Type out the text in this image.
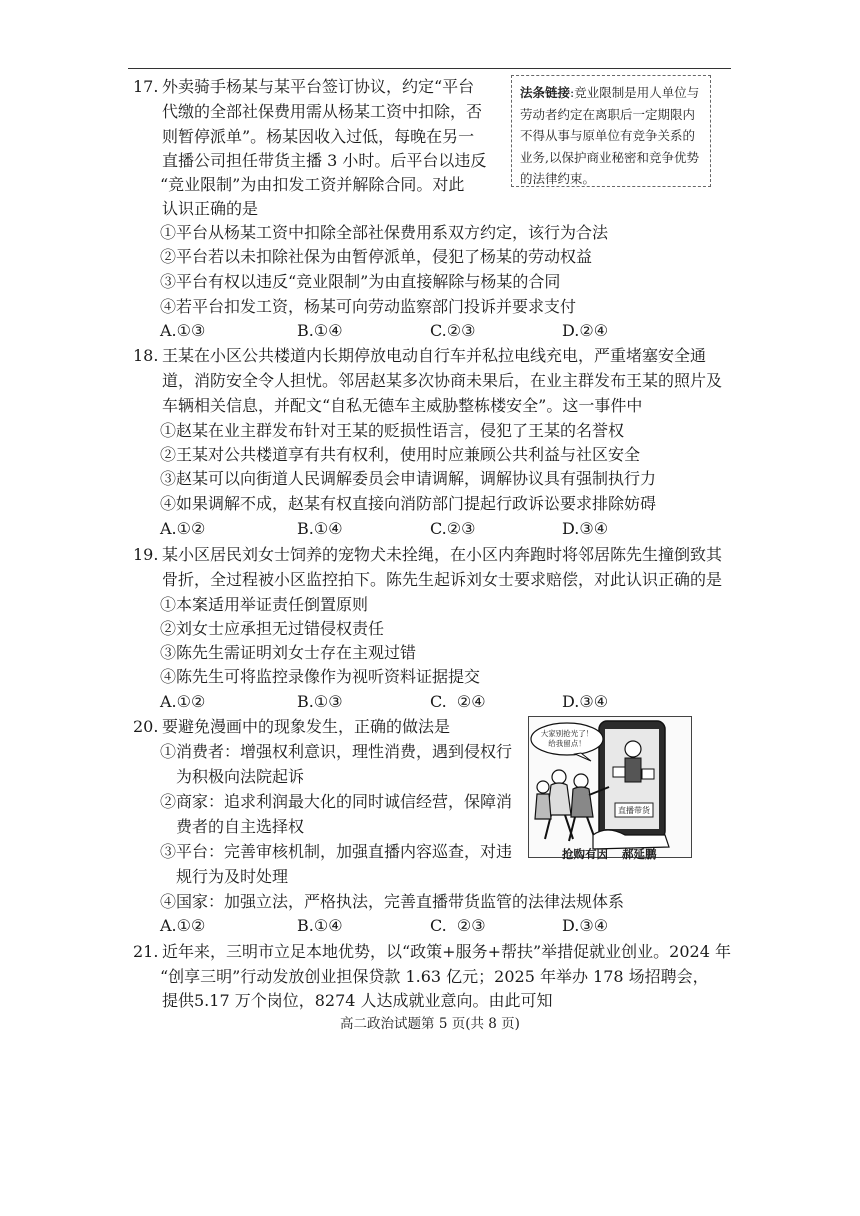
法条链接:竞业限制是用人单位与劳动者约定在离职后一定期限内不得从事与原单位有竞争关系的业务,以保护商业秘密和竞争优势的法律约束。
17. 外卖骑手杨某与某平台签订协议，约定“平台
代缴的全部社保费用需从杨某工资中扣除，否
则暂停派单”。杨某因收入过低，每晚在另一
直播公司担任带货主播 3 小时。后平台以违反
“竞业限制”为由扣发工资并解除合同。对此
认识正确的是
①平台从杨某工资中扣除全部社保费用系双方约定，该行为合法
②平台若以未扣除社保为由暂停派单，侵犯了杨某的劳动权益
③平台有权以违反“竞业限制”为由直接解除与杨某的合同
④若平台扣发工资，杨某可向劳动监察部门投诉并要求支付
A.①③	B.①④	C.②③	D.②④
18. 王某在小区公共楼道内长期停放电动自行车并私拉电线充电，严重堵塞安全通
道，消防安全令人担忧。邻居赵某多次协商未果后，在业主群发布王某的照片及
车辆相关信息，并配文“自私无德车主威胁整栋楼安全”。这一事件中
①赵某在业主群发布针对王某的贬损性语言，侵犯了王某的名誉权
②王某对公共楼道享有共有权利，使用时应兼顾公共利益与社区安全
③赵某可以向街道人民调解委员会申请调解，调解协议具有强制执行力
④如果调解不成，赵某有权直接向消防部门提起行政诉讼要求排除妨碍
A.①②	B.①④	C.②③	D.③④
19. 某小区居民刘女士饲养的宠物犬未拴绳，在小区内奔跑时将邻居陈先生撞倒致其
骨折，全过程被小区监控拍下。陈先生起诉刘女士要求赔偿，对此认识正确的是
①本案适用举证责任倒置原则
②刘女士应承担无过错侵权责任
③陈先生需证明刘女士存在主观过错
④陈先生可将监控录像作为视听资料证据提交
A.①②	B.①③	C.  ②④	D.③④
20. 要避免漫画中的现象发生，正确的做法是
①消费者：增强权利意识，理性消费，遇到侵权行
为积极向法院起诉
②商家：追求利润最大化的同时诚信经营，保障消
费者的自主选择权
③平台：完善审核机制，加强直播内容巡查，对违
规行为及时处理
④国家：加强立法，严格执法，完善直播带货监管的法律法规体系
A.①②	B.①④	C.  ②③	D.③④
直播带货
大家别抢光了！
给我留点！
抢购有因 郝延鹏
21. 近年来，三明市立足本地优势，以“政策+服务+帮扶”举措促就业创业。2024 年
“创享三明”行动发放创业担保贷款 1.63 亿元；2025 年举办 178 场招聘会，
提供5.17 万个岗位，8274 人达成就业意向。由此可知
高二政治试题第 5 页(共 8 页)
